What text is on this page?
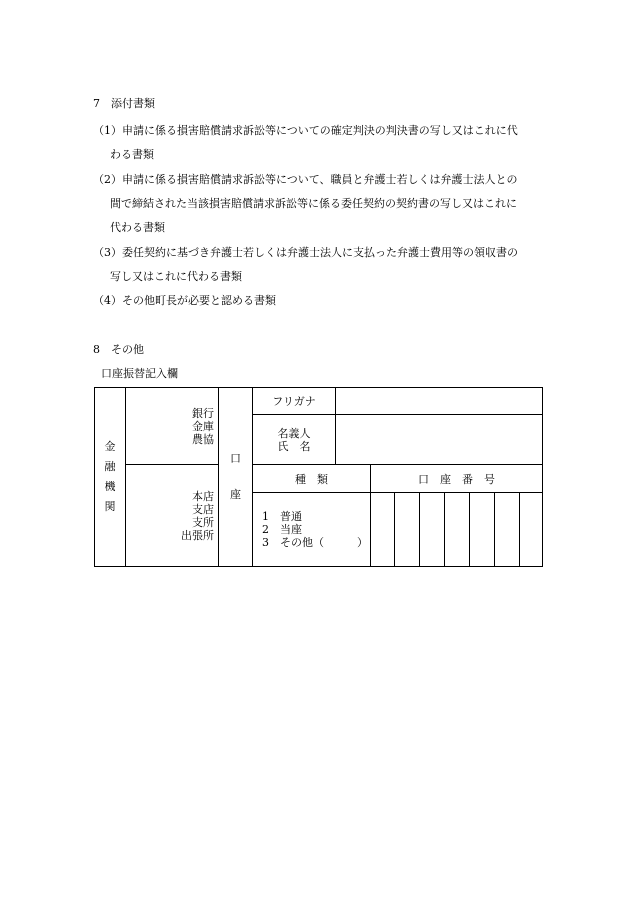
7　添付書類
（1）申請に係る損害賠償請求訴訟等についての確定判決の判決書の写し又はこれに代
わる書類
（2）申請に係る損害賠償請求訴訟等について、職員と弁護士若しくは弁護士法人との
間で締結された当該損害賠償請求訴訟等に係る委任契約の契約書の写し又はこれに
代わる書類
（3）委任契約に基づき弁護士若しくは弁護士法人に支払った弁護士費用等の領収書の
写し又はこれに代わる書類
（4）その他町長が必要と認める書類
8　その他
口座振替記入欄
金
融
機
関
銀行
金庫
農協
本店
支店
支所
出張所
口
座
フリガナ
名義人
氏　名
種　類	口　座　番　号
1　普通
2　当座
3　その他（　　　）
